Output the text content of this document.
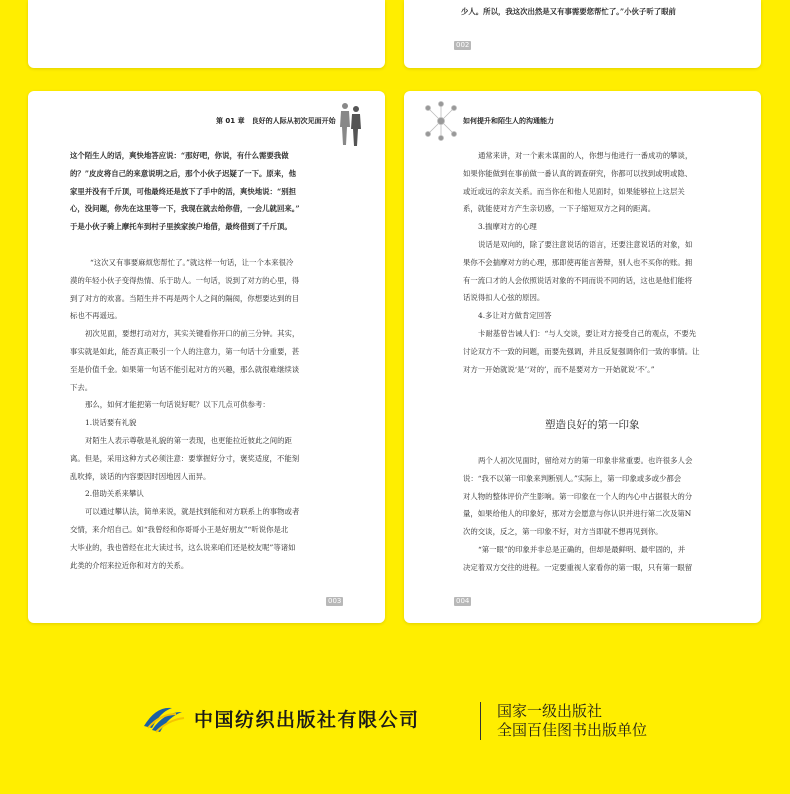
少人。所以，我这次出然是又有事需要您帮忙了。”小伙子听了眼前

002
第 01 章　良好的人际从初次见面开始

这个陌生人的话，爽快地答应说：“那好吧，你说，有什么需要我做

的？”皮皮将自己的来意说明之后，那个小伙子迟疑了一下。原来，他

家里并没有千斤顶，可他最终还是放下了手中的活，爽快地说：“别担

心，没问题，你先在这里等一下，我现在就去给你借，一会儿就回来。”

于是小伙子骑上摩托车到村子里挨家挨户地借，最终借到了千斤顶。

“这次又有事要麻烦您帮忙了。”就这样一句话，让一个本来很冷

漠的年轻小伙子变得热情、乐于助人。一句话，说到了对方的心里，得

到了对方的欢喜。当陌生并不再是两个人之间的隔阂，你想要达到的目

标也不再遥远。

初次见面，要想打动对方，其实关键看你开口的前三分钟。其实，

事实就是如此，能否真正吸引一个人的注意力，第一句话十分重要，甚

至是价值千金。如果第一句话不能引起对方的兴趣，那么就很难继续谈

下去。

那么，如何才能把第一句话说好呢？以下几点可供参考：

1.说话要有礼貌

对陌生人表示尊敬是礼貌的第一表现，也更能拉近彼此之间的距

离。但是，采用这种方式必须注意：要掌握好分寸，褒奖适度，不能刻

乱吹捧，谈话的内容要因时因地因人而异。

2.借助关系来攀认

可以通过攀认法，简单来说，就是找到能和对方联系上的事物或者

交情，来介绍自己。如“我曾经和你哥哥小王是好朋友”“听说你是北

大毕业的，我也曾经在北大读过书，这么说来咱们还是校友呢”等诸如

此类的介绍来拉近你和对方的关系。

003
如何提升和陌生人的沟通能力

通常来讲，对一个素未谋面的人，你想与他进行一番成功的攀谈，

如果你能做到在事前做一番认真的调查研究，你都可以找到或明或隐、

或近或远的亲友关系。而当你在和他人见面时，如果能够拉上这层关

系，就能使对方产生亲切感，一下子缩短双方之间的距离。

3.揣摩对方的心理

说话是双向的，除了要注意说话的语言，还要注意说话的对象，如

果你不会揣摩对方的心理，那即使再能言善辩，别人也不买你的账。拥

有一流口才的人会依照说话对象的不同而说不同的话，这也是他们能将

话说得扣人心弦的原因。

4.多让对方做肯定回答

卡耐基曾告诫人们：“与人交谈，要让对方接受自己的观点，不要先

讨论双方不一致的问题，而要先强调，并且反复强调你们一致的事情。让

对方一开始就说‘是’‘对的’，而不是要对方一开始就说‘不’。”

塑造良好的第一印象

两个人初次见面时，留给对方的第一印象非常重要。也许很多人会

说：“我不以第一印象来判断别人。”实际上，第一印象或多或少都会

对人物的整体评价产生影响。第一印象在一个人的内心中占据很大的分

量，如果给他人的印象好，那对方会愿意与你认识并进行第二次及第N

次的交谈，反之，第一印象不好，对方当即就不想再见到你。

“第一眼”的印象并非总是正确的，但却是最鲜明、最牢固的，并

决定着双方交往的进程。一定要重视人家看你的第一眼，只有第一眼留

004
中国纺织出版社有限公司	国家一级出版社
全国百佳图书出版单位
